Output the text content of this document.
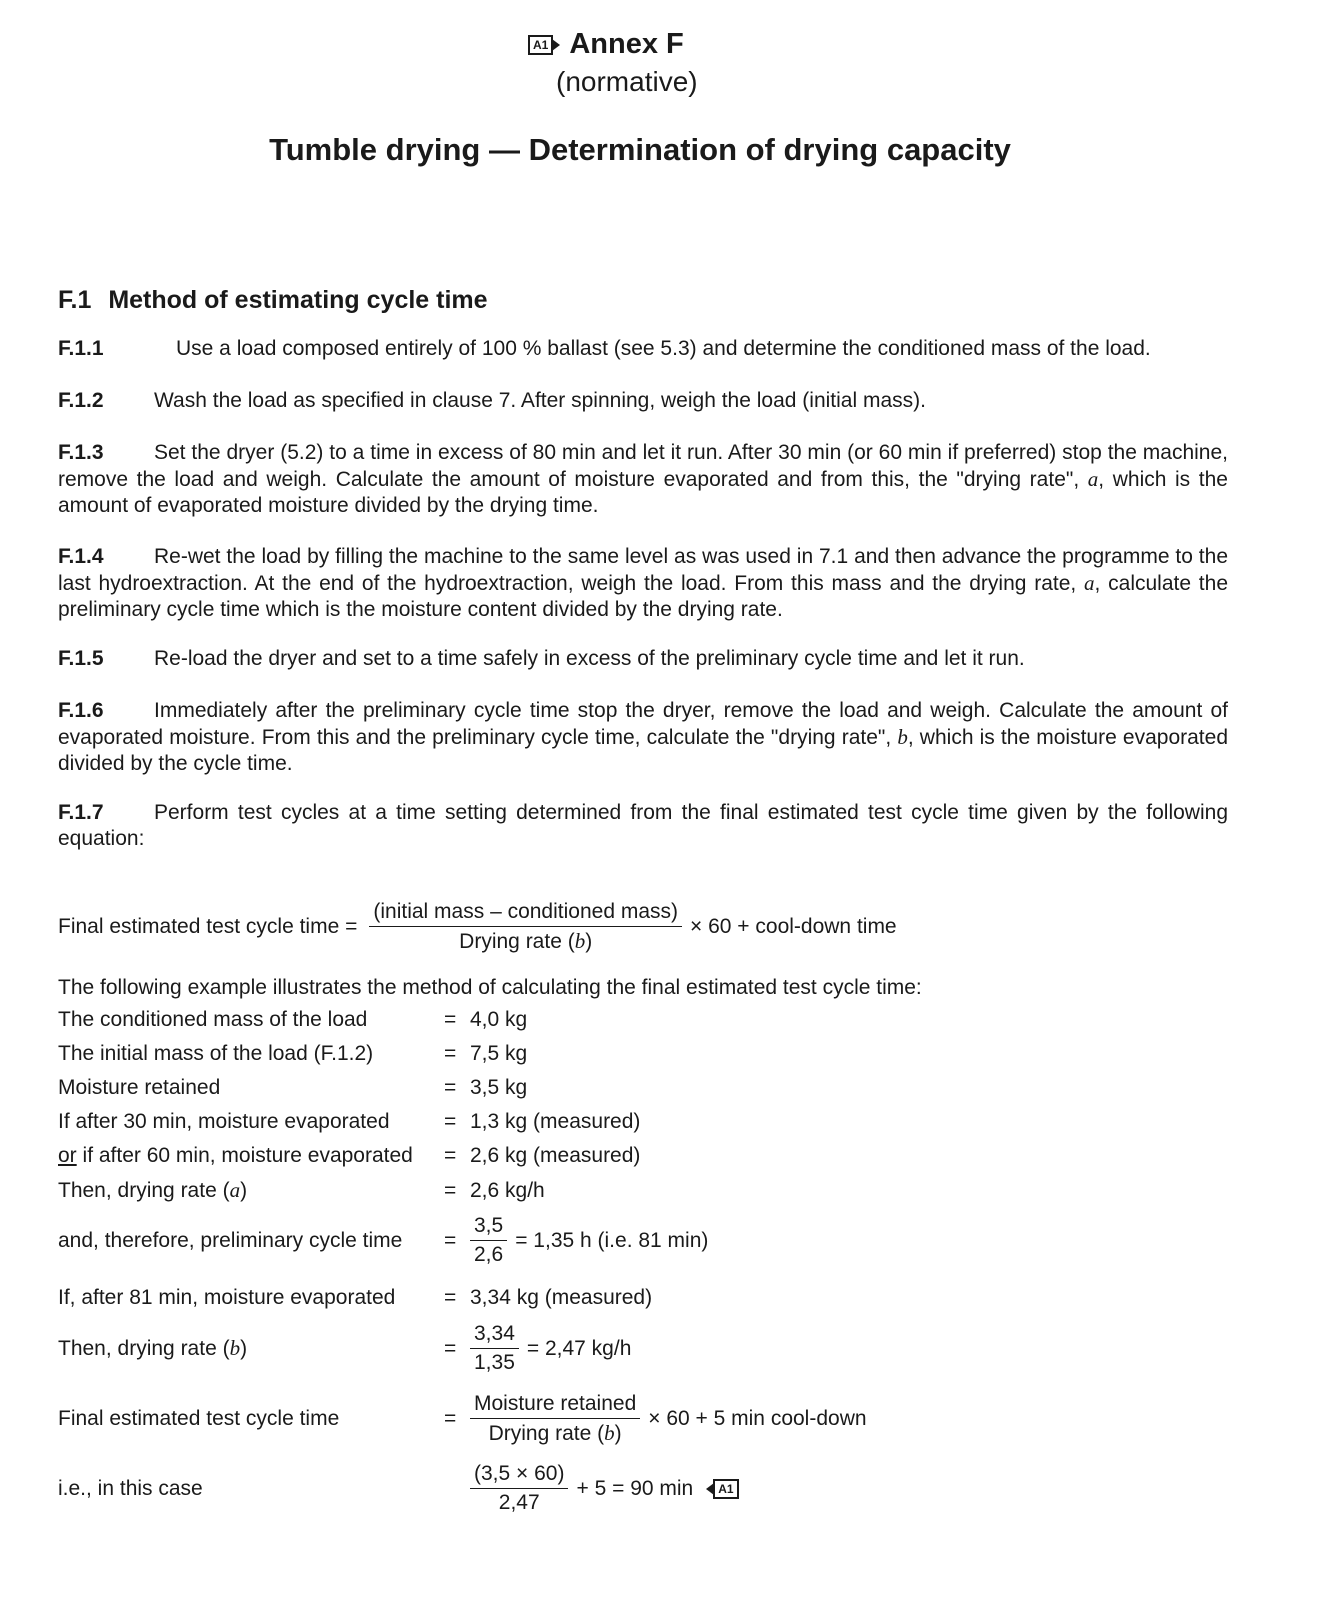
A1 Annex F
(normative)
Tumble drying — Determination of drying capacity
F.1 Method of estimating cycle time
F.1.1	Use a load composed entirely of 100 % ballast (see 5.3) and determine the conditioned mass of the load.
F.1.2 Wash the load as specified in clause 7. After spinning, weigh the load (initial mass).
F.1.3 Set the dryer (5.2) to a time in excess of 80 min and let it run. After 30 min (or 60 min if preferred) stop the machine, remove the load and weigh. Calculate the amount of moisture evaporated and from this, the "drying rate", a, which is the amount of evaporated moisture divided by the drying time.
F.1.4 Re-wet the load by filling the machine to the same level as was used in 7.1 and then advance the programme to the last hydroextraction. At the end of the hydroextraction, weigh the load. From this mass and the drying rate, a, calculate the preliminary cycle time which is the moisture content divided by the drying rate.
F.1.5 Re-load the dryer and set to a time safely in excess of the preliminary cycle time and let it run.
F.1.6 Immediately after the preliminary cycle time stop the dryer, remove the load and weigh. Calculate the amount of evaporated moisture. From this and the preliminary cycle time, calculate the "drying rate", b, which is the moisture evaporated divided by the cycle time.
F.1.7 Perform test cycles at a time setting determined from the final estimated test cycle time given by the following equation:
Final estimated test cycle time = $\frac{\text{(initial mass – conditioned mass)}}{\text{Drying rate (b)}} \times 60$ + cool-down time
The following example illustrates the method of calculating the final estimated test cycle time:
The conditioned mass of the load	= 4,0 kg
The initial mass of the load (F.1.2)	= 7,5 kg
Moisture retained	= 3,5 kg
If after 30 min, moisture evaporated	= 1,3 kg (measured)
or if after 60 min, moisture evaporated	= 2,6 kg (measured)
Then, drying rate (a)	= 2,6 kg/h
and, therefore, preliminary cycle time	= $\frac{3,5}{2,6} = 1,35$ h (i.e. 81 min)
If, after 81 min, moisture evaporated	= 3,34 kg (measured)
Then, drying rate (b)	= $\frac{3,34}{1,35} = 2,47$ kg/h
Final estimated test cycle time	= $\frac{\text{Moisture retained}}{\text{Drying rate (b)}} \times 60 + 5$ min cool-down
i.e., in this case	$\frac{(3,5 \times 60)}{2,47} + 5 = 90$ min	A1
